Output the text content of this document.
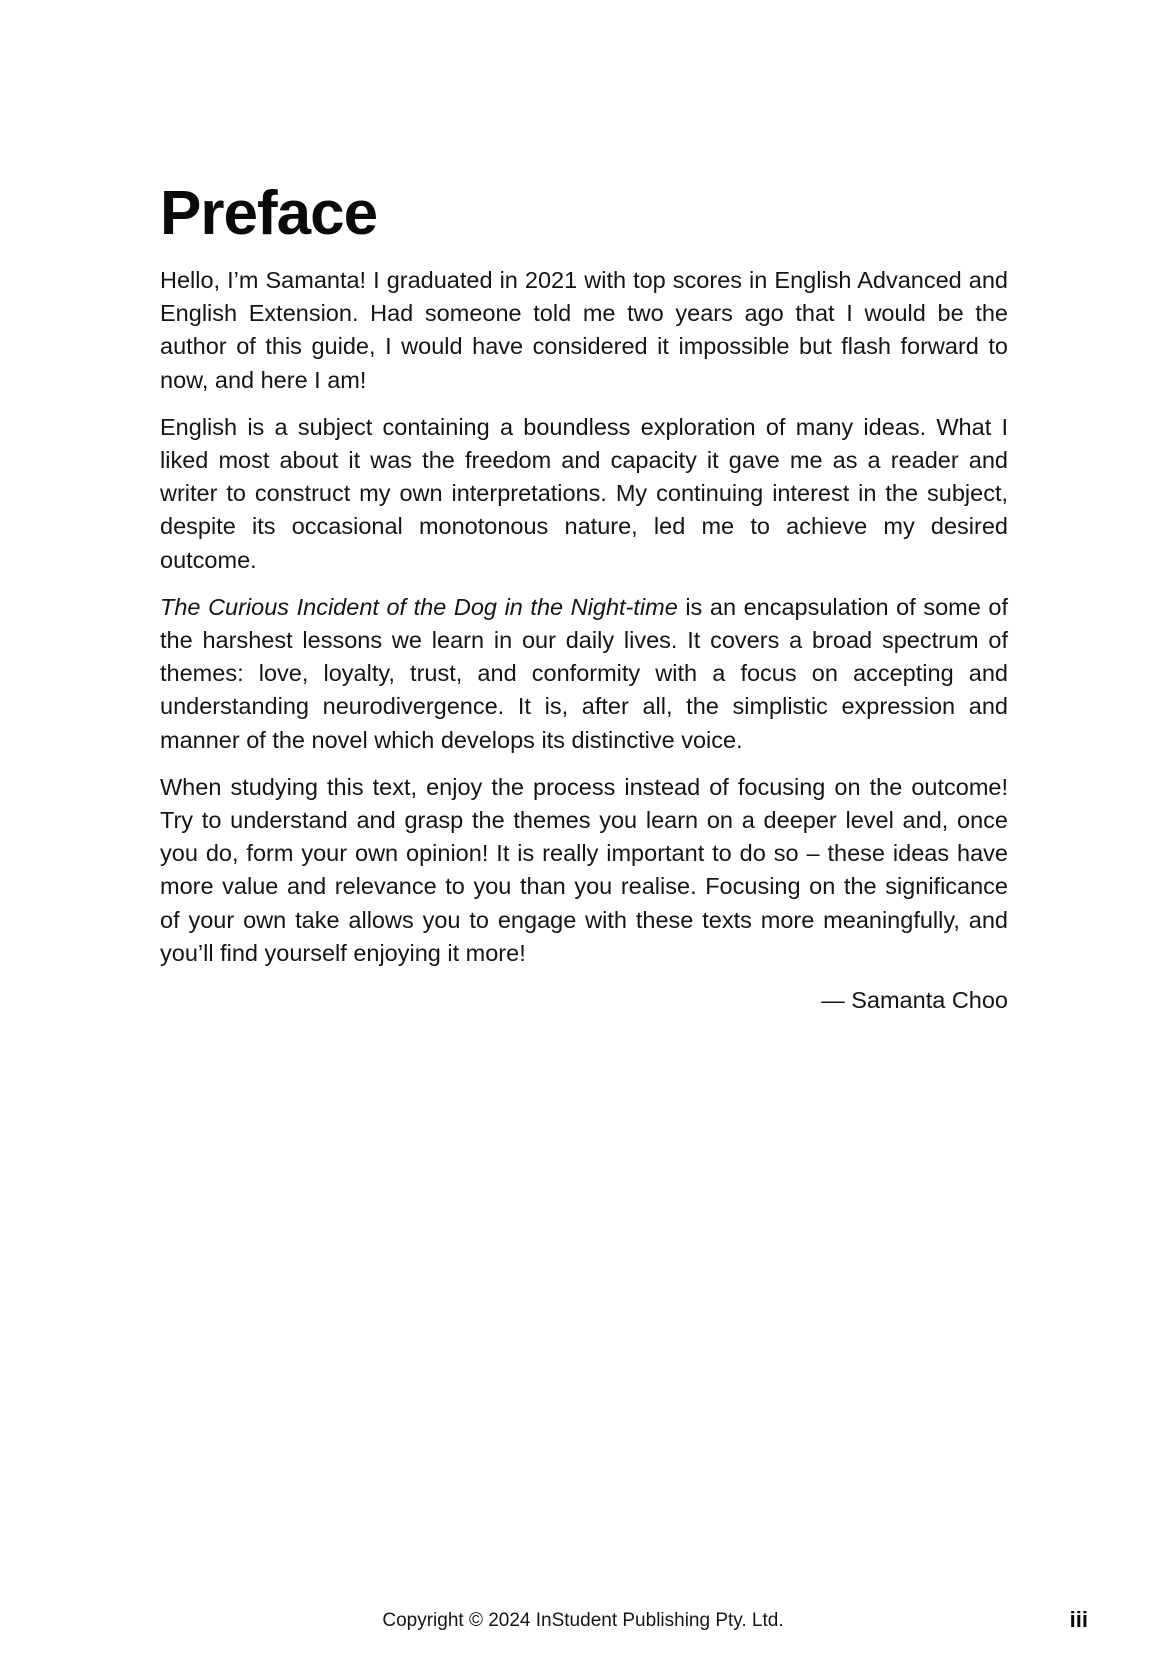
Preface

Hello, I’m Samanta! I graduated in 2021 with top scores in English Advanced and English Extension. Had someone told me two years ago that I would be the author of this guide, I would have considered it impossible but flash forward to now, and here I am!

English is a subject containing a boundless exploration of many ideas. What I liked most about it was the freedom and capacity it gave me as a reader and writer to construct my own interpretations. My continuing interest in the subject, despite its occasional monotonous nature, led me to achieve my desired outcome.

The Curious Incident of the Dog in the Night-time is an encapsulation of some of the harshest lessons we learn in our daily lives. It covers a broad spectrum of themes: love, loyalty, trust, and conformity with a focus on accepting and understanding neurodivergence. It is, after all, the simplistic expression and manner of the novel which develops its distinctive voice.

When studying this text, enjoy the process instead of focusing on the outcome! Try to understand and grasp the themes you learn on a deeper level and, once you do, form your own opinion! It is really important to do so – these ideas have more value and relevance to you than you realise. Focusing on the significance of your own take allows you to engage with these texts more meaningfully, and you’ll find yourself enjoying it more!

— Samanta Choo

Copyright © 2024 InStudent Publishing Pty. Ltd.	iii
